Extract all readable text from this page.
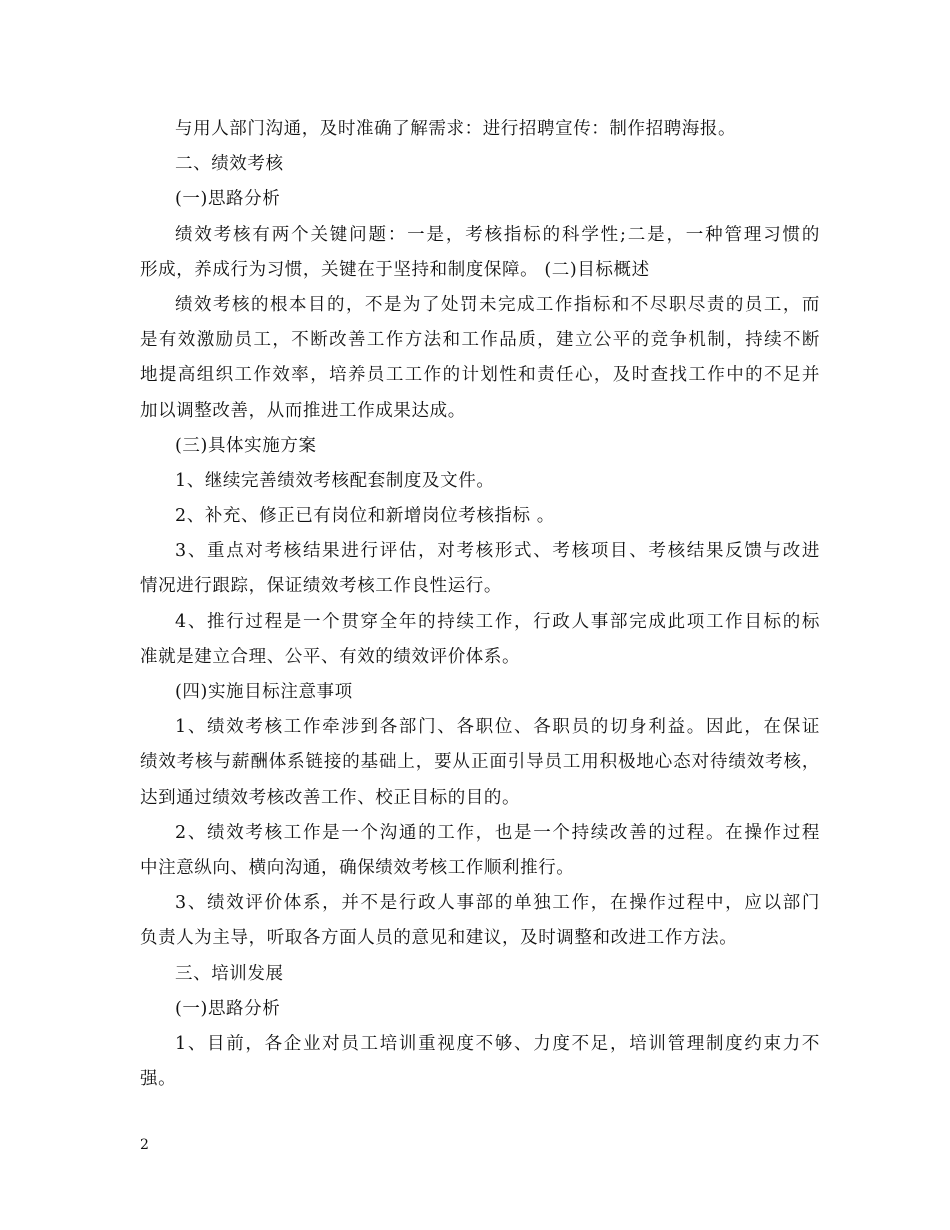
与用人部门沟通，及时准确了解需求：进行招聘宣传：制作招聘海报。
二、绩效考核
(一)思路分析
绩效考核有两个关键问题：一是，考核指标的科学性;二是，一种管理习惯的
形成，养成行为习惯，关键在于坚持和制度保障。 (二)目标概述
绩效考核的根本目的，不是为了处罚未完成工作指标和不尽职尽责的员工，而
是有效激励员工，不断改善工作方法和工作品质，建立公平的竞争机制，持续不断
地提高组织工作效率，培养员工工作的计划性和责任心，及时查找工作中的不足并
加以调整改善，从而推进工作成果达成。
(三)具体实施方案
1、继续完善绩效考核配套制度及文件。
2、补充、修正已有岗位和新增岗位考核指标 。
3、重点对考核结果进行评估，对考核形式、考核项目、考核结果反馈与改进
情况进行跟踪，保证绩效考核工作良性运行。
4、推行过程是一个贯穿全年的持续工作，行政人事部完成此项工作目标的标
准就是建立合理、公平、有效的绩效评价体系。
(四)实施目标注意事项
1、绩效考核工作牵涉到各部门、各职位、各职员的切身利益。因此，在保证
绩效考核与薪酬体系链接的基础上，要从正面引导员工用积极地心态对待绩效考核，
达到通过绩效考核改善工作、校正目标的目的。
2、绩效考核工作是一个沟通的工作，也是一个持续改善的过程。在操作过程
中注意纵向、横向沟通，确保绩效考核工作顺利推行。
3、绩效评价体系，并不是行政人事部的单独工作，在操作过程中，应以部门
负责人为主导，听取各方面人员的意见和建议，及时调整和改进工作方法。
三、培训发展
(一)思路分析
1、目前，各企业对员工培训重视度不够、力度不足，培训管理制度约束力不
强。
2
